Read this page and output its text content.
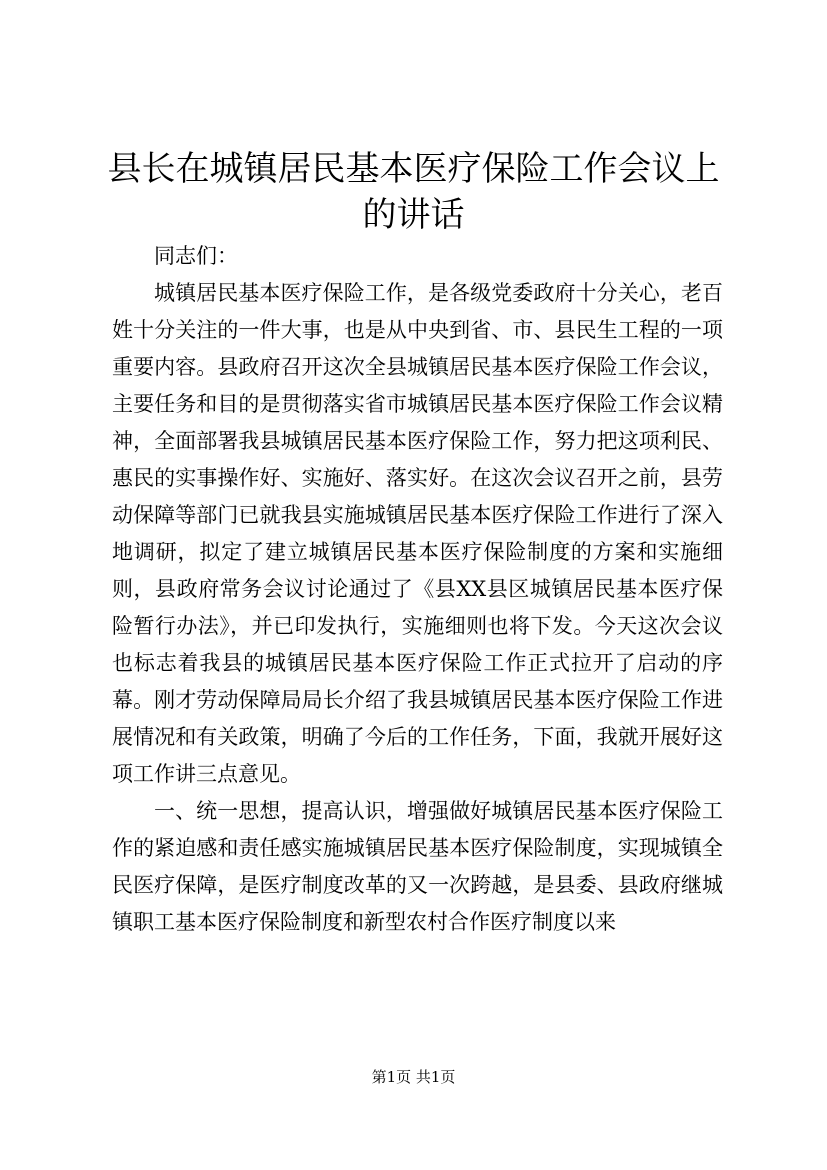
县长在城镇居民基本医疗保险工作会议上的讲话

同志们：

城镇居民基本医疗保险工作，是各级党委政府十分关心，老百姓十分关注的一件大事，也是从中央到省、市、县民生工程的一项重要内容。县政府召开这次全县城镇居民基本医疗保险工作会议，主要任务和目的是贯彻落实省市城镇居民基本医疗保险工作会议精神，全面部署我县城镇居民基本医疗保险工作，努力把这项利民、惠民的实事操作好、实施好、落实好。在这次会议召开之前，县劳动保障等部门已就我县实施城镇居民基本医疗保险工作进行了深入地调研，拟定了建立城镇居民基本医疗保险制度的方案和实施细则，县政府常务会议讨论通过了《县XX县区城镇居民基本医疗保险暂行办法》，并已印发执行，实施细则也将下发。今天这次会议也标志着我县的城镇居民基本医疗保险工作正式拉开了启动的序幕。刚才劳动保障局局长介绍了我县城镇居民基本医疗保险工作进展情况和有关政策，明确了今后的工作任务，下面，我就开展好这项工作讲三点意见。

一、统一思想，提高认识，增强做好城镇居民基本医疗保险工作的紧迫感和责任感实施城镇居民基本医疗保险制度，实现城镇全民医疗保障，是医疗制度改革的又一次跨越，是县委、县政府继城镇职工基本医疗保险制度和新型农村合作医疗制度以来

第1页 共1页
